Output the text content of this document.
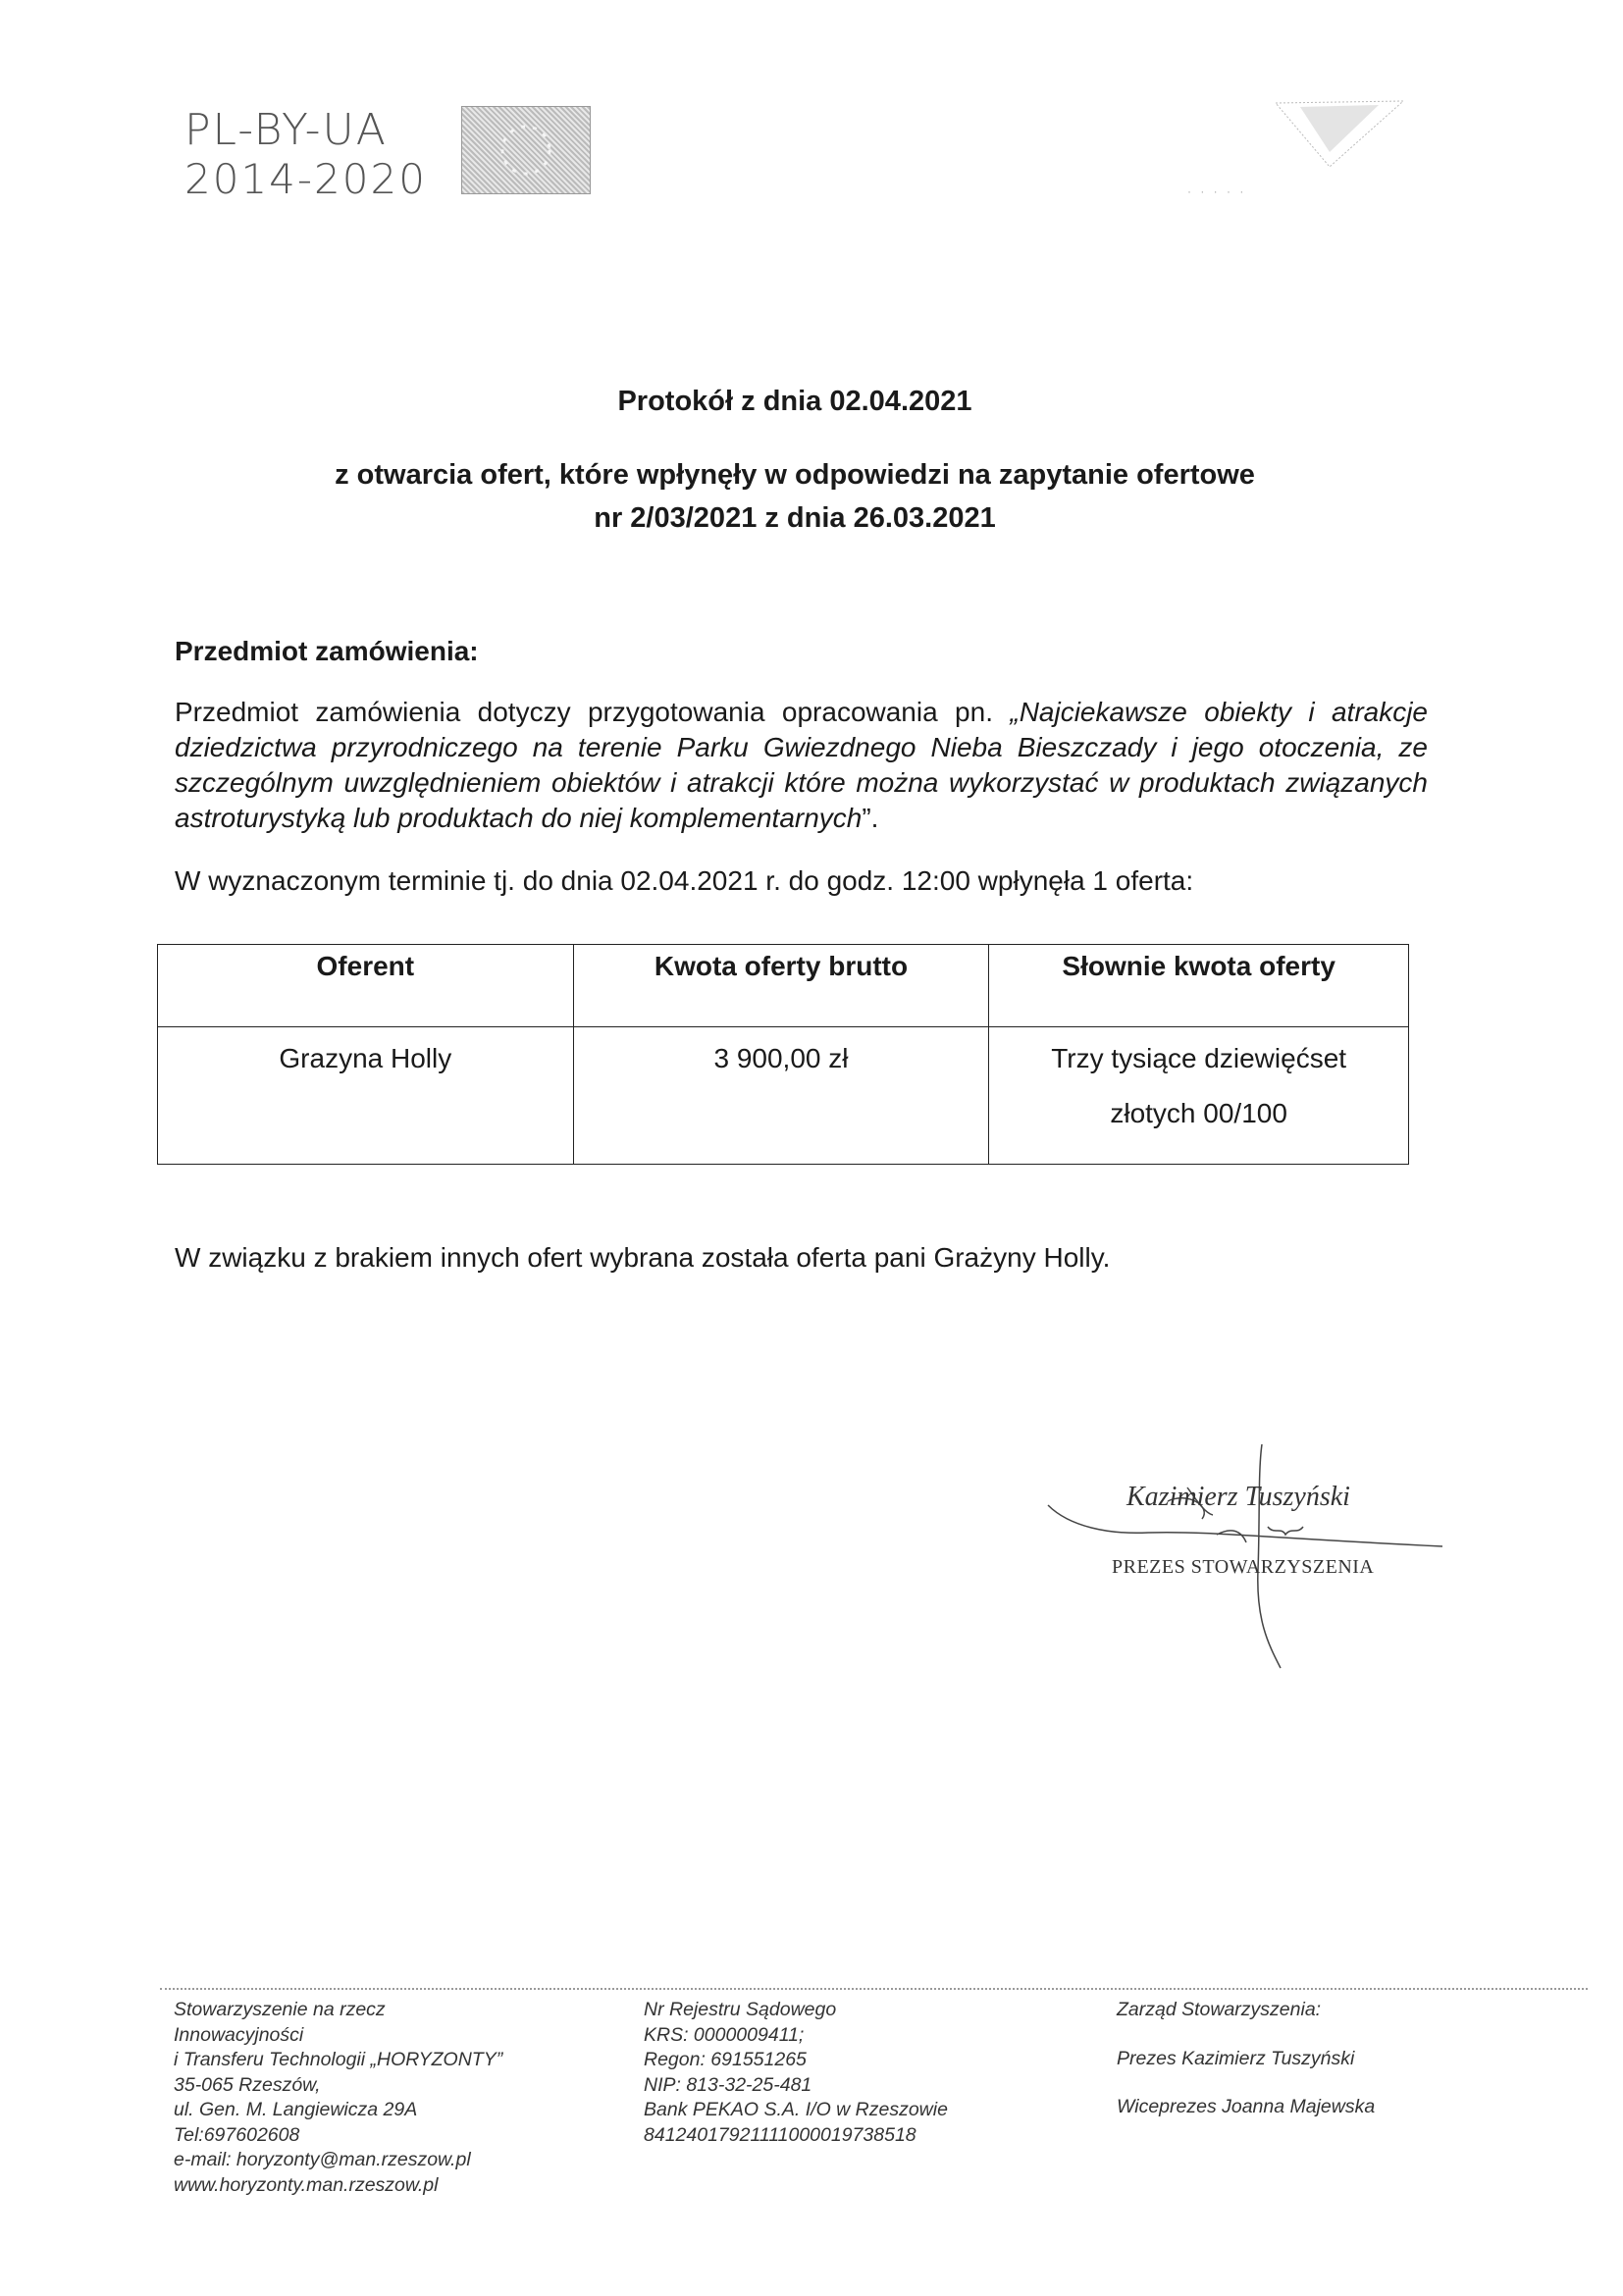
PL-BY-UA
2014-2020	· · · · ·
Protokół z dnia 02.04.2021
z otwarcia ofert, które wpłynęły w odpowiedzi na zapytanie ofertowe
nr 2/03/2021 z dnia 26.03.2021
Przedmiot zamówienia:
Przedmiot zamówienia dotyczy przygotowania opracowania pn. „Najciekawsze obiekty i atrakcje dziedzictwa przyrodniczego na terenie Parku Gwiezdnego Nieba Bieszczady i jego otoczenia, ze szczególnym uwzględnieniem obiektów i atrakcji które można wykorzystać w produktach związanych astroturystyką lub produktach do niej komplementarnych”.
W wyznaczonym terminie tj. do dnia 02.04.2021 r. do godz. 12:00 wpłynęła 1 oferta:
Oferent	Kwota oferty brutto	Słownie kwota oferty
Grazyna Holly	3 900,00 zł	Trzy tysiące dziewięćset
złotych 00/100
W związku z brakiem innych ofert wybrana została oferta pani Grażyny Holly.
Kazimierz Tuszyński
PREZES STOWARZYSZENIA
Stowarzyszenie na rzecz
Innowacyjności
i Transferu Technologii „HORYZONTY”
35-065 Rzeszów,
ul. Gen. M. Langiewicza 29A
Tel:697602608
e-mail: horyzonty@man.rzeszow.pl
www.horyzonty.man.rzeszow.pl
Nr Rejestru Sądowego
KRS: 0000009411;
Regon: 691551265
NIP: 813-32-25-481
Bank PEKAO S.A. I/O w Rzeszowie
84124017921111000019738518
Zarząd Stowarzyszenia:
Prezes Kazimierz Tuszyński
Wiceprezes Joanna Majewska
